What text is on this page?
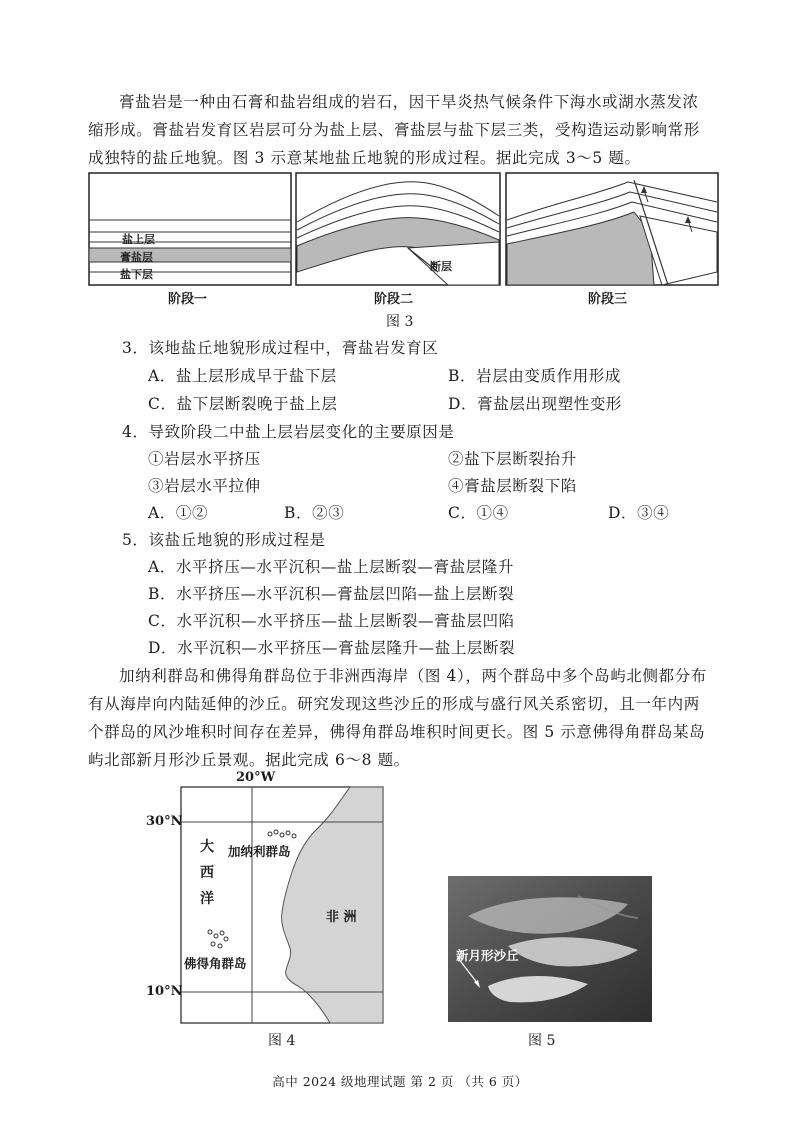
膏盐岩是一种由石膏和盐岩组成的岩石，因干旱炎热气候条件下海水或湖水蒸发浓

缩形成。膏盐岩发育区岩层可分为盐上层、膏盐层与盐下层三类，受构造运动影响常形
成独特的盐丘地貌。图 3 示意某地盐丘地貌的形成过程。据此完成 3～5 题。
盐上层
膏盐层
盐下层
断层
阶段一	阶段二	阶段三
图 3
3．该地盐丘地貌形成过程中，膏盐岩发育区
A．盐上层形成早于盐下层	B．岩层由变质作用形成
C．盐下层断裂晚于盐上层	D．膏盐层出现塑性变形
4．导致阶段二中盐上层岩层变化的主要原因是
①岩层水平挤压	②盐下层断裂抬升
③岩层水平拉伸	④膏盐层断裂下陷
A．①②	B．②③	C．①④	D．③④
5．该盐丘地貌的形成过程是
A．水平挤压—水平沉积—盐上层断裂—膏盐层隆升
B．水平挤压—水平沉积—膏盐层凹陷—盐上层断裂
C．水平沉积—水平挤压—盐上层断裂—膏盐层凹陷
D．水平沉积—水平挤压—膏盐层隆升—盐上层断裂
加纳利群岛和佛得角群岛位于非洲西海岸（图 4），两个群岛中多个岛屿北侧都分布
有从海岸向内陆延伸的沙丘。研究发现这些沙丘的形成与盛行风关系密切，且一年内两
个群岛的风沙堆积时间存在差异，佛得角群岛堆积时间更长。图 5 示意佛得角群岛某岛
屿北部新月形沙丘景观。据此完成 6～8 题。
20°W
30°N
10°N
大
西
洋
加纳利群岛
佛得角群岛
非 洲
图 4
新月形沙丘
图 5
高中 2024 级地理试题 第 2 页 （共 6 页）
